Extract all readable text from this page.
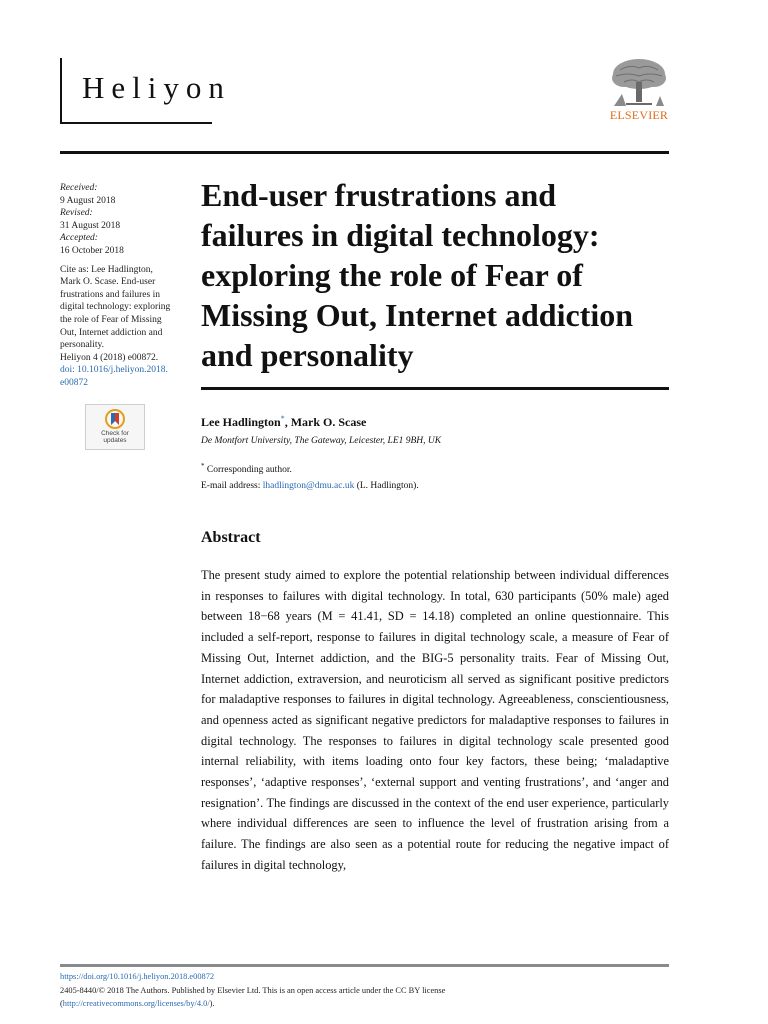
Heliyon
ELSEVIER
Received:
9 August 2018
Revised:
31 August 2018
Accepted:
16 October 2018
Cite as: Lee Hadlington,
Mark O. Scase. End-user
frustrations and failures in
digital technology: exploring
the role of Fear of Missing
Out, Internet addiction and
personality.
Heliyon 4 (2018) e00872.
doi: 10.1016/j.heliyon.2018.
e00872
Check for
updates
End-user frustrations and
failures in digital technology:
exploring the role of Fear of
Missing Out, Internet addiction
and personality
Lee Hadlington*, Mark O. Scase
De Montfort University, The Gateway, Leicester, LE1 9BH, UK
* Corresponding author.
E-mail address: lhadlington@dmu.ac.uk (L. Hadlington).
Abstract

The present study aimed to explore the potential relationship between individual differences in responses to failures with digital technology. In total, 630 participants (50% male) aged between 18−68 years (M = 41.41, SD = 14.18) completed an online questionnaire. This included a self-report, response to failures in digital technology scale, a measure of Fear of Missing Out, Internet addiction, and the BIG-5 personality traits. Fear of Missing Out, Internet addiction, extraversion, and neuroticism all served as significant positive predictors for maladaptive responses to failures in digital technology. Agreeableness, conscientiousness, and openness acted as significant negative predictors for maladaptive responses to failures in digital technology. The responses to failures in digital technology scale presented good internal reliability, with items loading onto four key factors, these being; ‘maladaptive responses’, ‘adaptive responses’, ‘external support and venting frustrations’, and ‘anger and resignation’. The findings are discussed in the context of the end user experience, particularly where individual differences are seen to influence the level of frustration arising from a failure. The findings are also seen as a potential route for reducing the negative impact of failures in digital technology,

https://doi.org/10.1016/j.heliyon.2018.e00872
2405-8440/© 2018 The Authors. Published by Elsevier Ltd. This is an open access article under the CC BY license
(http://creativecommons.org/licenses/by/4.0/).
